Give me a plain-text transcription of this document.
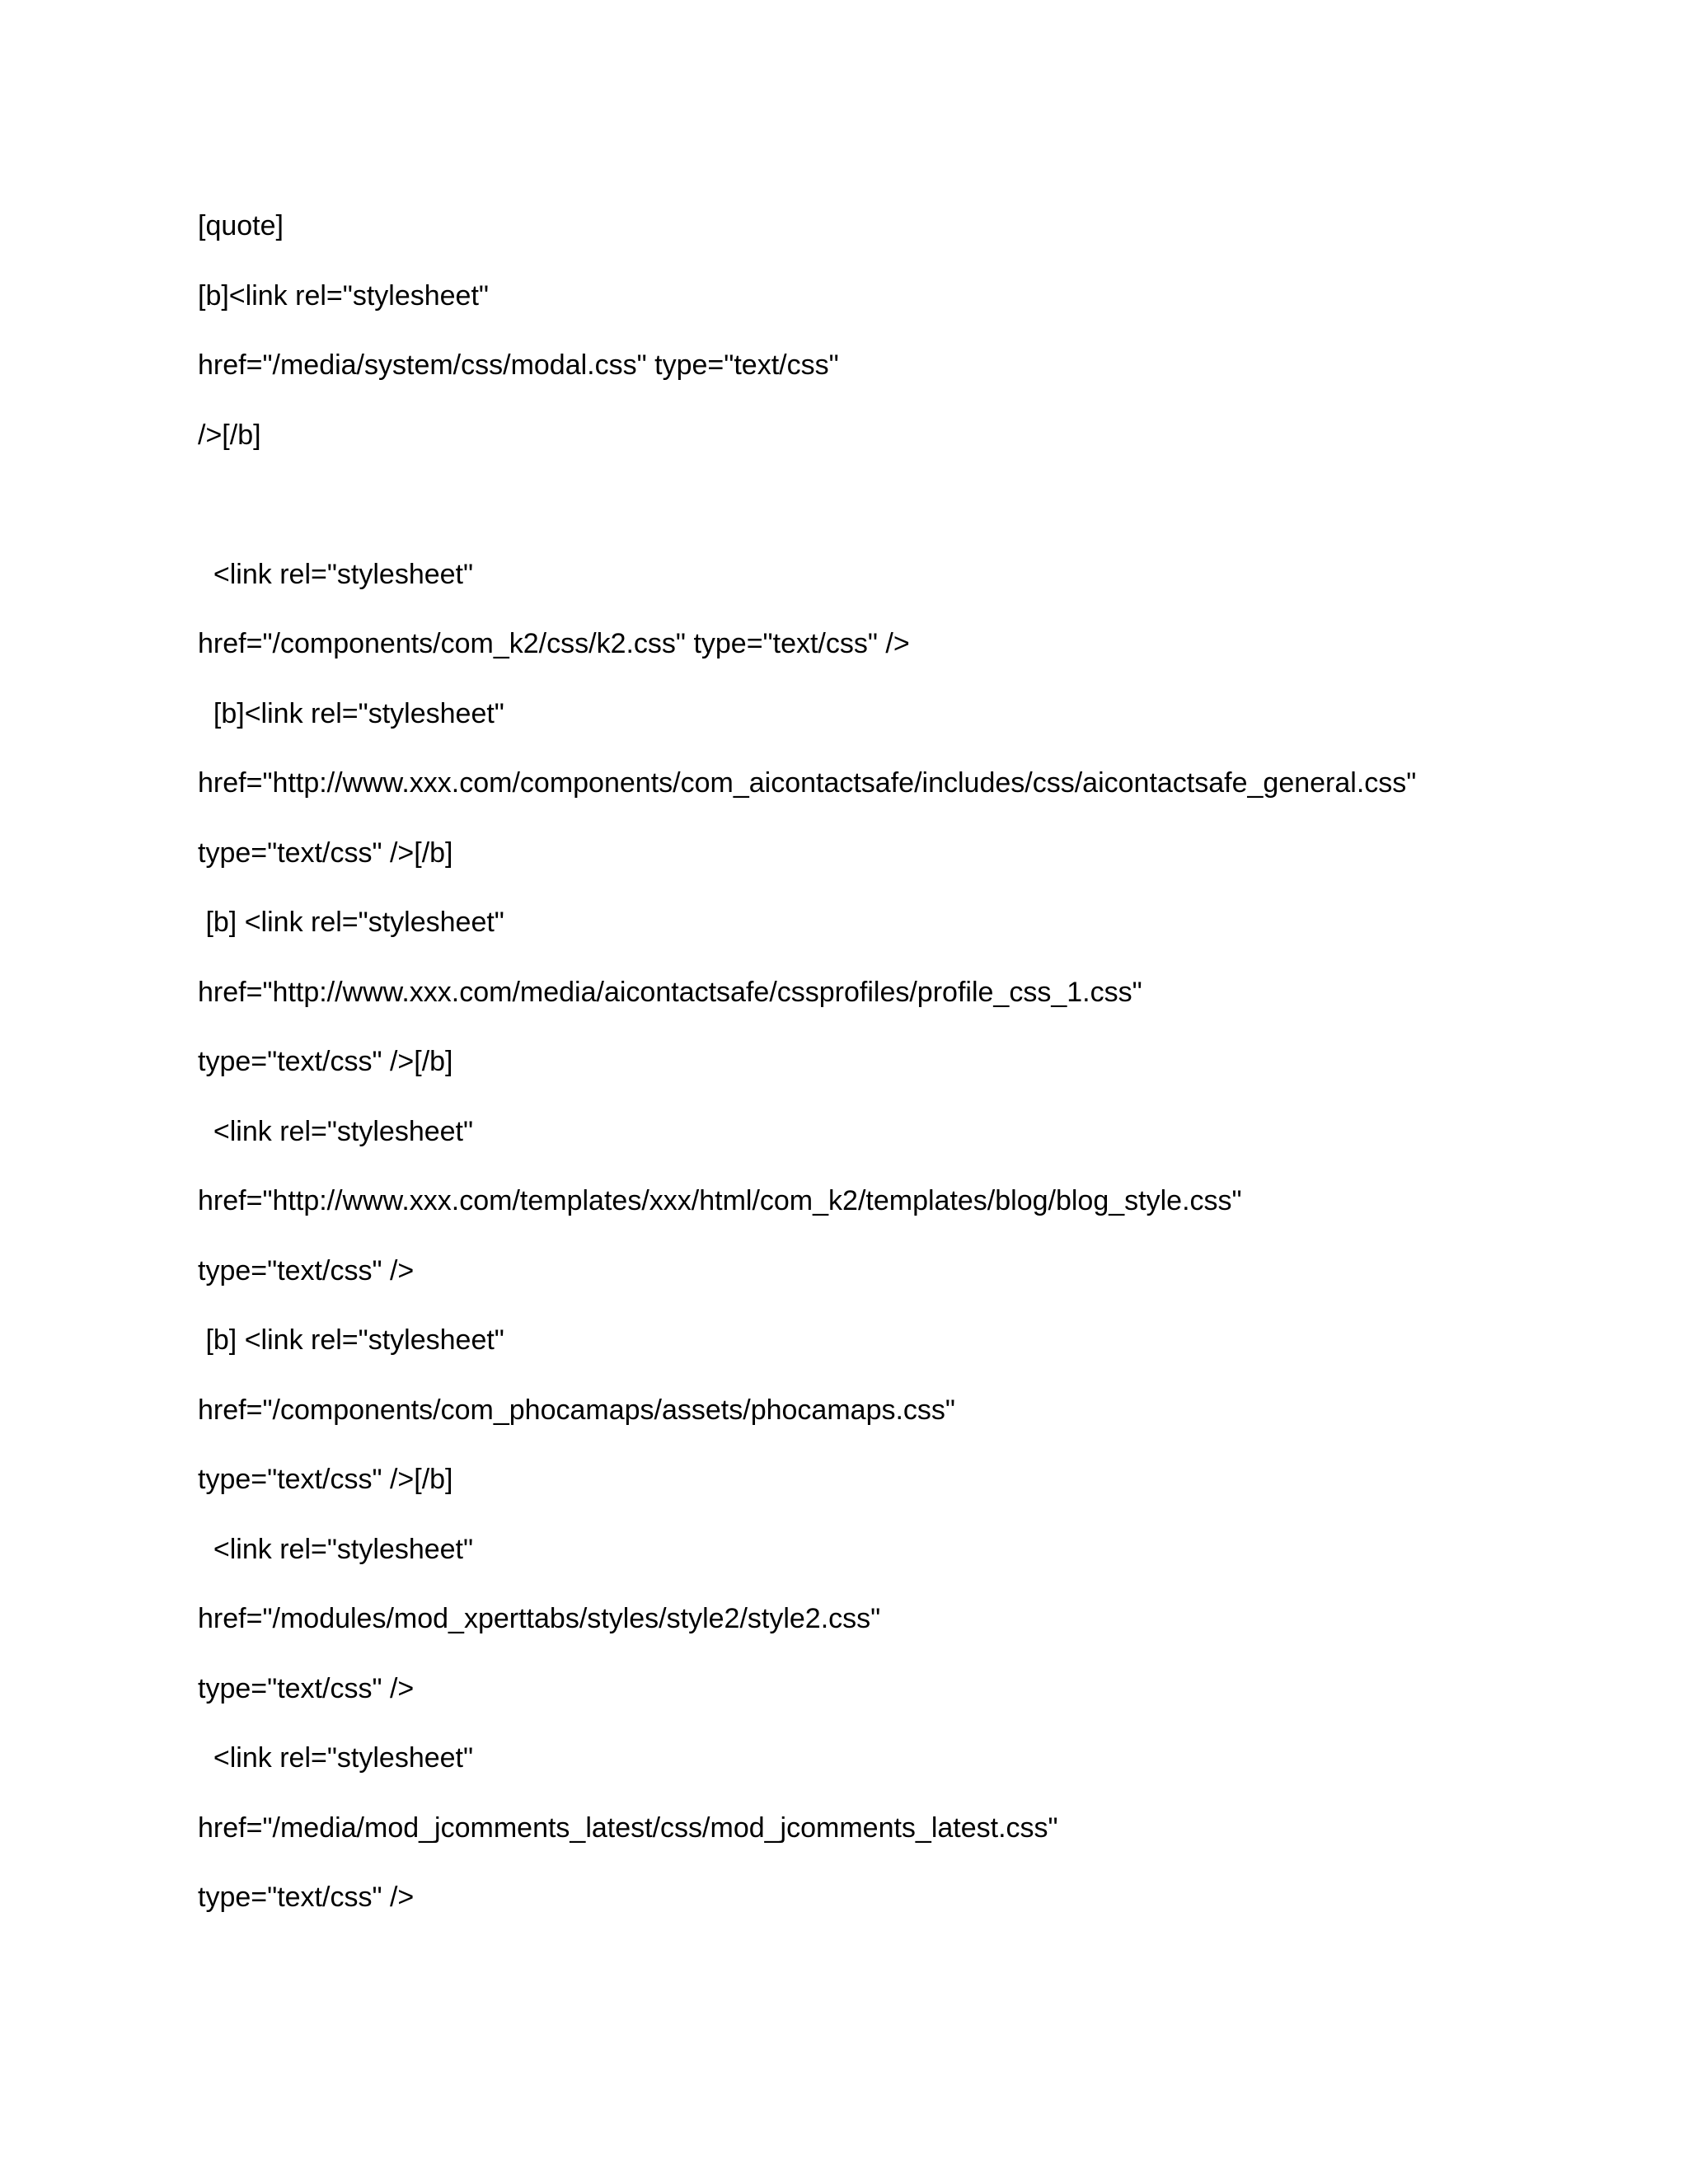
[quote]
[b]<link rel="stylesheet"
href="/media/system/css/modal.css" type="text/css"
/>[/b]
<link rel="stylesheet"
href="/components/com_k2/css/k2.css" type="text/css" />
[b]<link rel="stylesheet"
href="http://www.xxx.com/components/com_aicontactsafe/includes/css/aicontactsafe_general.css"
type="text/css" />[/b]
[b] <link rel="stylesheet"
href="http://www.xxx.com/media/aicontactsafe/cssprofiles/profile_css_1.css"
type="text/css" />[/b]
<link rel="stylesheet"
href="http://www.xxx.com/templates/xxx/html/com_k2/templates/blog/blog_style.css"
type="text/css" />
[b] <link rel="stylesheet"
href="/components/com_phocamaps/assets/phocamaps.css"
type="text/css" />[/b]
<link rel="stylesheet"
href="/modules/mod_xperttabs/styles/style2/style2.css"
type="text/css" />
<link rel="stylesheet"
href="/media/mod_jcomments_latest/css/mod_jcomments_latest.css"
type="text/css" />
